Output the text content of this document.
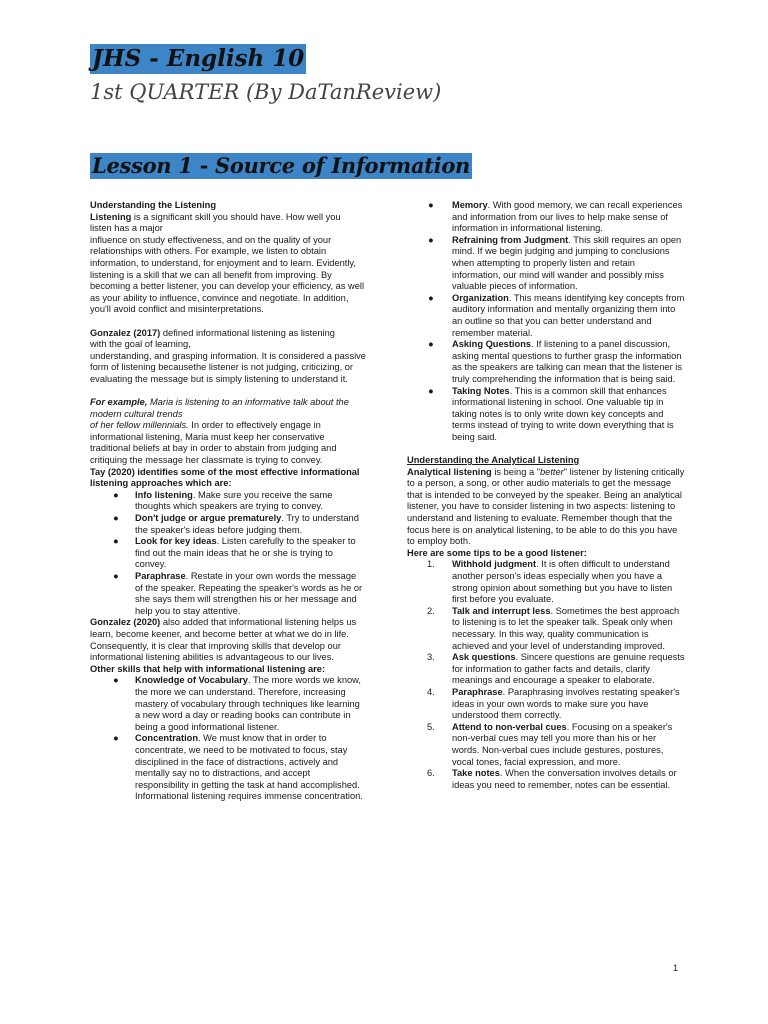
JHS - English 10
1st QUARTER (By DaTanReview)
Lesson 1 - Source of Information

Understanding the Listening

Listening is a significant skill you should have. How well you
listen has a major
influence on study effectiveness, and on the quality of your relationships with others. For example, we listen to obtain information, to understand, for enjoyment and to learn. Evidently, listening is a skill that we can all benefit from improving. By becoming a better listener, you can develop your efficiency, as well as your ability to influence, convince and negotiate. In addition, you'll avoid conflict and misinterpretations.

Gonzalez (2017) defined informational listening as listening
with the goal of learning,
understanding, and grasping information. It is considered a passive form of listening becausethe listener is not judging, criticizing, or evaluating the message but is simply listening to understand it.

For example, Maria is listening to an informative talk about the modern cultural trends
of her fellow millennials. In order to effectively engage in informational listening, Maria must keep her conservative traditional beliefs at bay in order to abstain from judging and critiquing the message her classmate is trying to convey.

Tay (2020) identifies some of the most effective informational listening approaches which are:

● Info listening. Make sure you receive the same thoughts which speakers are trying to convey.
● Don't judge or argue prematurely. Try to understand the speaker's ideas before judging them.
● Look for key ideas. Listen carefully to the speaker to find out the main ideas that he or she is trying to convey.
● Paraphrase. Restate in your own words the message of the speaker. Repeating the speaker's words as he or she says them will strengthen his or her message and help you to stay attentive.

Gonzalez (2020) also added that informational listening helps us learn, become keener, and become better at what we do in life. Consequently, it is clear that improving skills that develop our informational listening abilities is advantageous to our lives.

Other skills that help with informational listening are:

● Knowledge of Vocabulary. The more words we know, the more we can understand. Therefore, increasing mastery of vocabulary through techniques like learning a new word a day or reading books can contribute in being a good informational listener.
● Concentration. We must know that in order to concentrate, we need to be motivated to focus, stay disciplined in the face of distractions, actively and mentally say no to distractions, and accept responsibility in getting the task at hand accomplished. Informational listening requires immense concentration.
● Memory. With good memory, we can recall experiences and information from our lives to help make sense of information in informational listening.
● Refraining from Judgment. This skill requires an open mind. If we begin judging and jumping to conclusions when attempting to properly listen and retain information, our mind will wander and possibly miss valuable pieces of information.
● Organization. This means identifying key concepts from auditory information and mentally organizing them into an outline so that you can better understand and remember material.
● Asking Questions. If listening to a panel discussion, asking mental questions to further grasp the information as the speakers are talking can mean that the listener is truly comprehending the information that is being said.
● Taking Notes. This is a common skill that enhances informational listening in school. One valuable tip in taking notes is to only write down key concepts and terms instead of trying to write down everything that is being said.

Understanding the Analytical Listening

Analytical listening is being a "better" listener by listening critically to a person, a song, or other audio materials to get the message that is intended to be conveyed by the speaker. Being an analytical listener, you have to consider listening in two aspects: listening to understand and listening to evaluate. Remember though that the focus here is on analytical listening, to be able to do this you have to employ both.

Here are some tips to be a good listener:

1. Withhold judgment. It is often difficult to understand another person's ideas especially when you have a strong opinion about something but you have to listen first before you evaluate.
2. Talk and interrupt less. Sometimes the best approach to listening is to let the speaker talk. Speak only when necessary. In this way, quality communication is achieved and your level of understanding improved.
3. Ask questions. Sincere questions are genuine requests for information to gather facts and details, clarify meanings and encourage a speaker to elaborate.
4. Paraphrase. Paraphrasing involves restating speaker's ideas in your own words to make sure you have understood them correctly.
5. Attend to non-verbal cues. Focusing on a speaker's non-verbal cues may tell you more than his or her words. Non-verbal cues include gestures, postures, vocal tones, facial expression, and more.
6. Take notes. When the conversation involves details or ideas you need to remember, notes can be essential.
1
